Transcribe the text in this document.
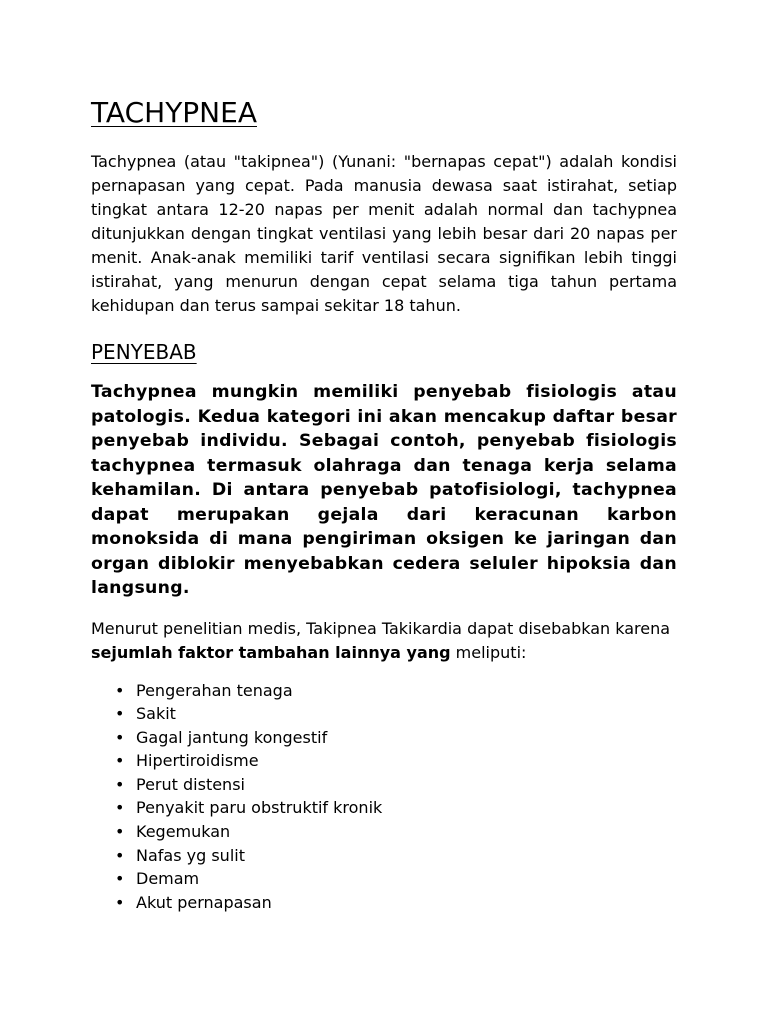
TACHYPNEA

Tachypnea (atau "takipnea") (Yunani: "bernapas cepat") adalah kondisi pernapasan yang cepat. Pada manusia dewasa saat istirahat, setiap tingkat antara 12-20 napas per menit adalah normal dan tachypnea ditunjukkan dengan tingkat ventilasi yang lebih besar dari 20 napas per menit. Anak-anak memiliki tarif ventilasi secara signifikan lebih tinggi istirahat, yang menurun dengan cepat selama tiga tahun pertama kehidupan dan terus sampai sekitar 18 tahun.

PENYEBAB

Tachypnea mungkin memiliki penyebab fisiologis atau patologis. Kedua kategori ini akan mencakup daftar besar penyebab individu. Sebagai contoh, penyebab fisiologis tachypnea termasuk olahraga dan tenaga kerja selama kehamilan. Di antara penyebab patofisiologi, tachypnea dapat merupakan gejala dari keracunan karbon monoksida di mana pengiriman oksigen ke jaringan dan organ diblokir menyebabkan cedera seluler hipoksia dan langsung.

Menurut penelitian medis, Takipnea Takikardia dapat disebabkan karena sejumlah faktor tambahan lainnya yang meliputi:

• Pengerahan tenaga
• Sakit
• Gagal jantung kongestif
• Hipertiroidisme
• Perut distensi
• Penyakit paru obstruktif kronik
• Kegemukan
• Nafas yg sulit
• Demam
• Akut pernapasan
